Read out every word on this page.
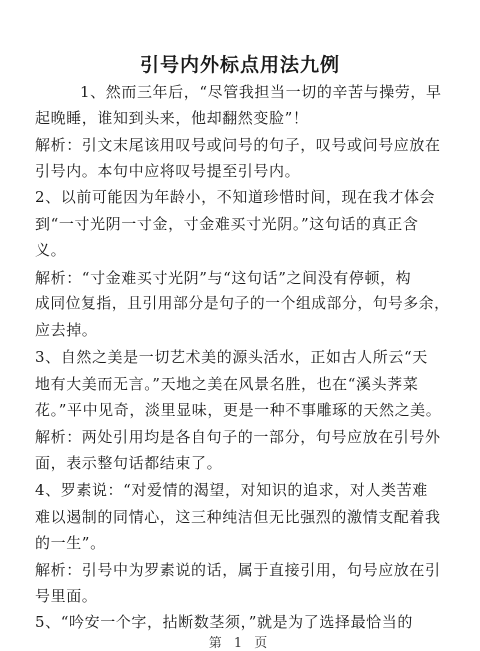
引号内外标点用法九例
1、然而三年后，“尽管我担当一切的辛苦与操劳，早
起晚睡，谁知到头来，他却翻然变脸”！
解析：引文末尾该用叹号或问号的句子，叹号或问号应放在
引号内。本句中应将叹号提至引号内。
2、以前可能因为年龄小，不知道珍惜时间，现在我才体会
到“一寸光阴一寸金，寸金难买寸光阴。”这句话的真正含
义。
解析：“寸金难买寸光阴”与“这句话”之间没有停顿，构
成同位复指，且引用部分是句子的一个组成部分，句号多余，
应去掉。
3、自然之美是一切艺术美的源头活水，正如古人所云“天
地有大美而无言。”天地之美在风景名胜，也在“溪头荠菜
花。”平中见奇，淡里显味，更是一种不事雕琢的天然之美。
解析：两处引用均是各自句子的一部分，句号应放在引号外
面，表示整句话都结束了。
4、罗素说：“对爱情的渴望，对知识的追求，对人类苦难
难以遏制的同情心，这三种纯洁但无比强烈的激情支配着我
的一生”。
解析：引号中为罗素说的话，属于直接引用，句号应放在引
号里面。
5、“吟安一个字，拈断数茎须，”就是为了选择最恰当的
第 1 页
